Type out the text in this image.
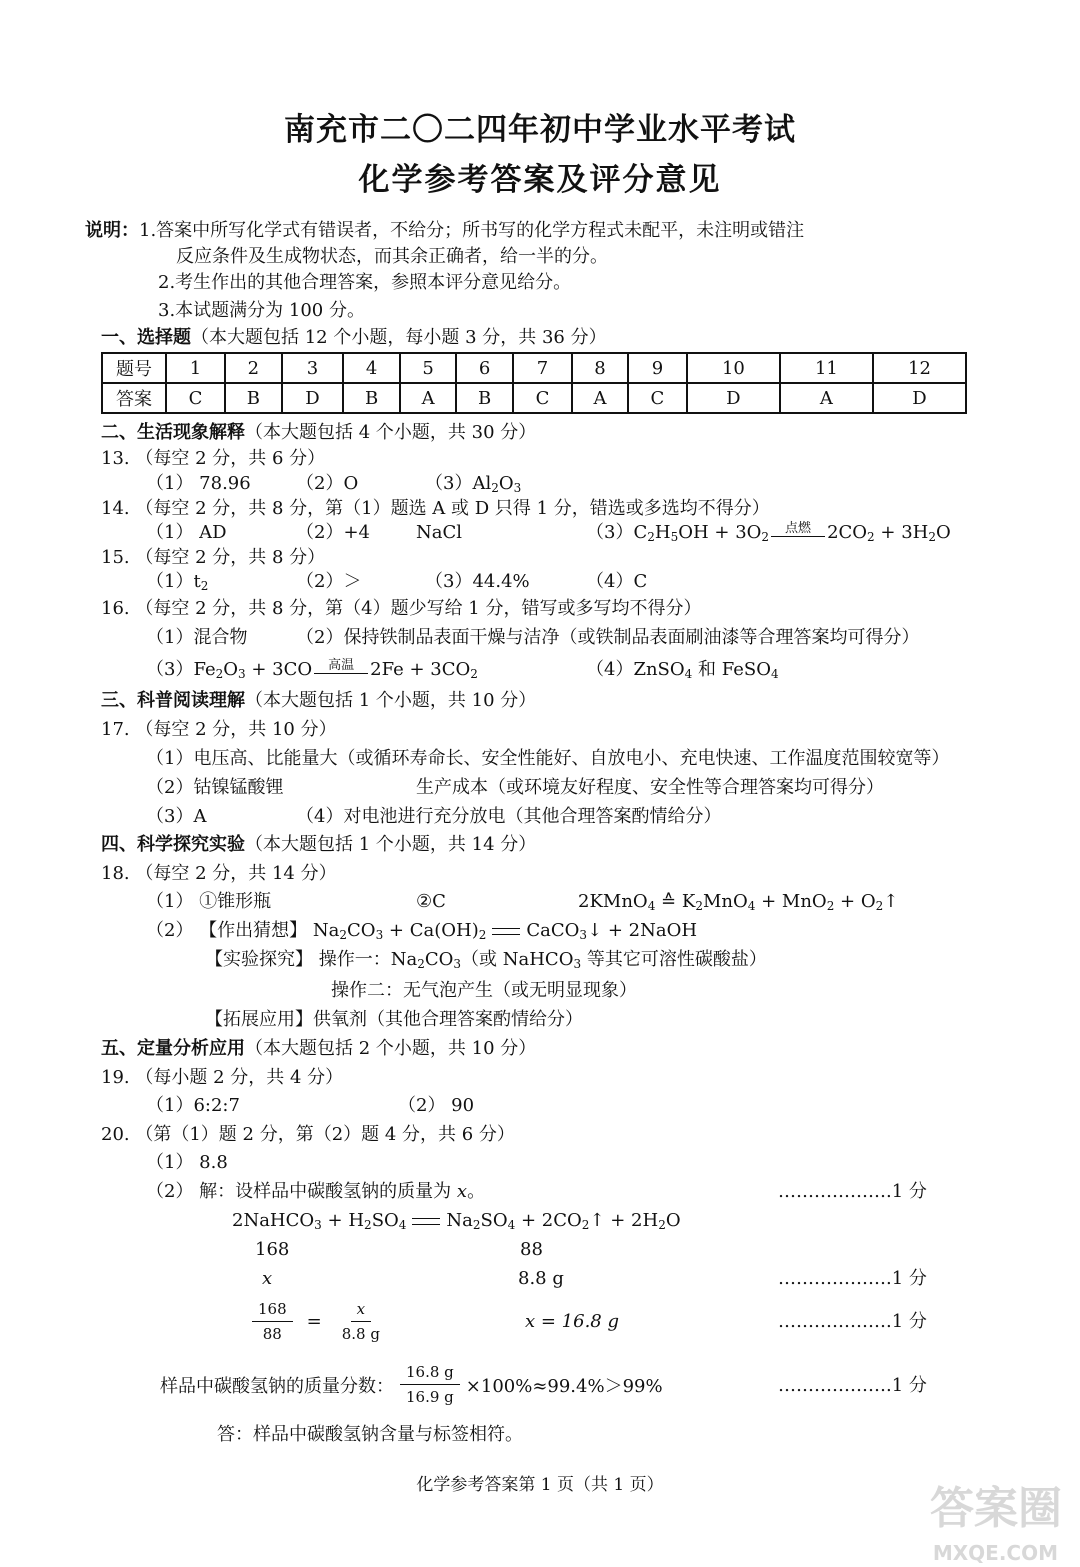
南充市二〇二四年初中学业水平考试
化学参考答案及评分意见
说明：1.答案中所写化学式有错误者，不给分；所书写的化学方程式未配平，未注明或错注
反应条件及生成物状态，而其余正确者，给一半的分。
2.考生作出的其他合理答案，参照本评分意见给分。
3.本试题满分为 100 分。
一、选择题（本大题包括 12 个小题，每小题 3 分，共 36 分）
题号	1	2	3	4	5	6	7	8	9	10	11	12
答案	C	B	D	B	A	B	C	A	C	D	A	D
二、生活现象解释（本大题包括 4 个小题，共 30 分）
13. （每空 2 分，共 6 分）
（1） 78.96	（2）O	$(3)Al_2O_3$
14. （每空 2 分，共 8 分，第（1）题选 A 或 D 只得 1 分，错选或多选均不得分）
（1） AD	（2）+4	NaCl	$(3)C_2H_5OH + 3O_2$
点燃 $2CO_2 + 3H_2O$
15. （每空 2 分，共 8 分）
$(1)t_2$	（2）＞	（3）44.4%	（4）C
16. （每空 2 分，共 8 分，第（4）题少写给 1 分，错写或多写均不得分）
（1）混合物	（2）保持铁制品表面干燥与洁净（或铁制品表面刷油漆等合理答案均可得分）
$(3)Fe_2O_3 + 3CO$ 高温 $2Fe + 3CO_2$	（4）ZnSO$_4$ 和 FeSO$_4$
三、科普阅读理解（本大题包括 1 个小题，共 10 分）
17. （每空 2 分，共 10 分）
（1）电压高、比能量大（或循环寿命长、安全性能好、自放电小、充电快速、工作温度范围较宽等）
（2）钴镍锰酸锂	生产成本（或环境友好程度、安全性等合理答案均可得分）
（3）A	（4）对电池进行充分放电（其他合理答案酌情给分）
四、科学探究实验（本大题包括 1 个小题，共 14 分）
18. （每空 2 分，共 14 分）
（1） ①锥形瓶	②C	2KMnO$_4$ ≙ $K_2MnO_4 + MnO_2$ + $O_2↑$
（2） 【作出猜想】 $Na_2CO_3 + Ca(OH)_2$ CaCO$_3$↓ + 2NaOH
【实验探究】 操作一：$Na_2CO_3$（或 NaHCO$_3$ 等其它可溶性碳酸盐）
操作二：无气泡产生（或无明显现象）
【拓展应用】供氧剂（其他合理答案酌情给分）
五、定量分析应用（本大题包括 2 个小题，共 10 分）
19. （每小题 2 分，共 4 分）
（1）6:2:7	（2） 90
20. （第（1）题 2 分，第（2）题 4 分，共 6 分）
（1） 8.8
（2） 解：设样品中碳酸氢钠的质量为 x。	……………….1 分
2NaHCO$_3$ + $H_2SO_4$ $Na_2SO_4$ + $2CO_2↑ + 2H_2O$
168	88
x	8.8 g	……………….1 分
$\frac{168}{88} = \frac{x}{8.8 g}$	x = 16.8 g	……………….1 分
样品中碳酸氢钠的质量分数： $\frac{16.8 g}{16.9 g} \times 100\%\approx 99.4\%>99\%$	……………….1 分
答：样品中碳酸氢钠含量与标签相符。
化学参考答案第 1 页（共 1 页）	答案圈
MXQE.COM
